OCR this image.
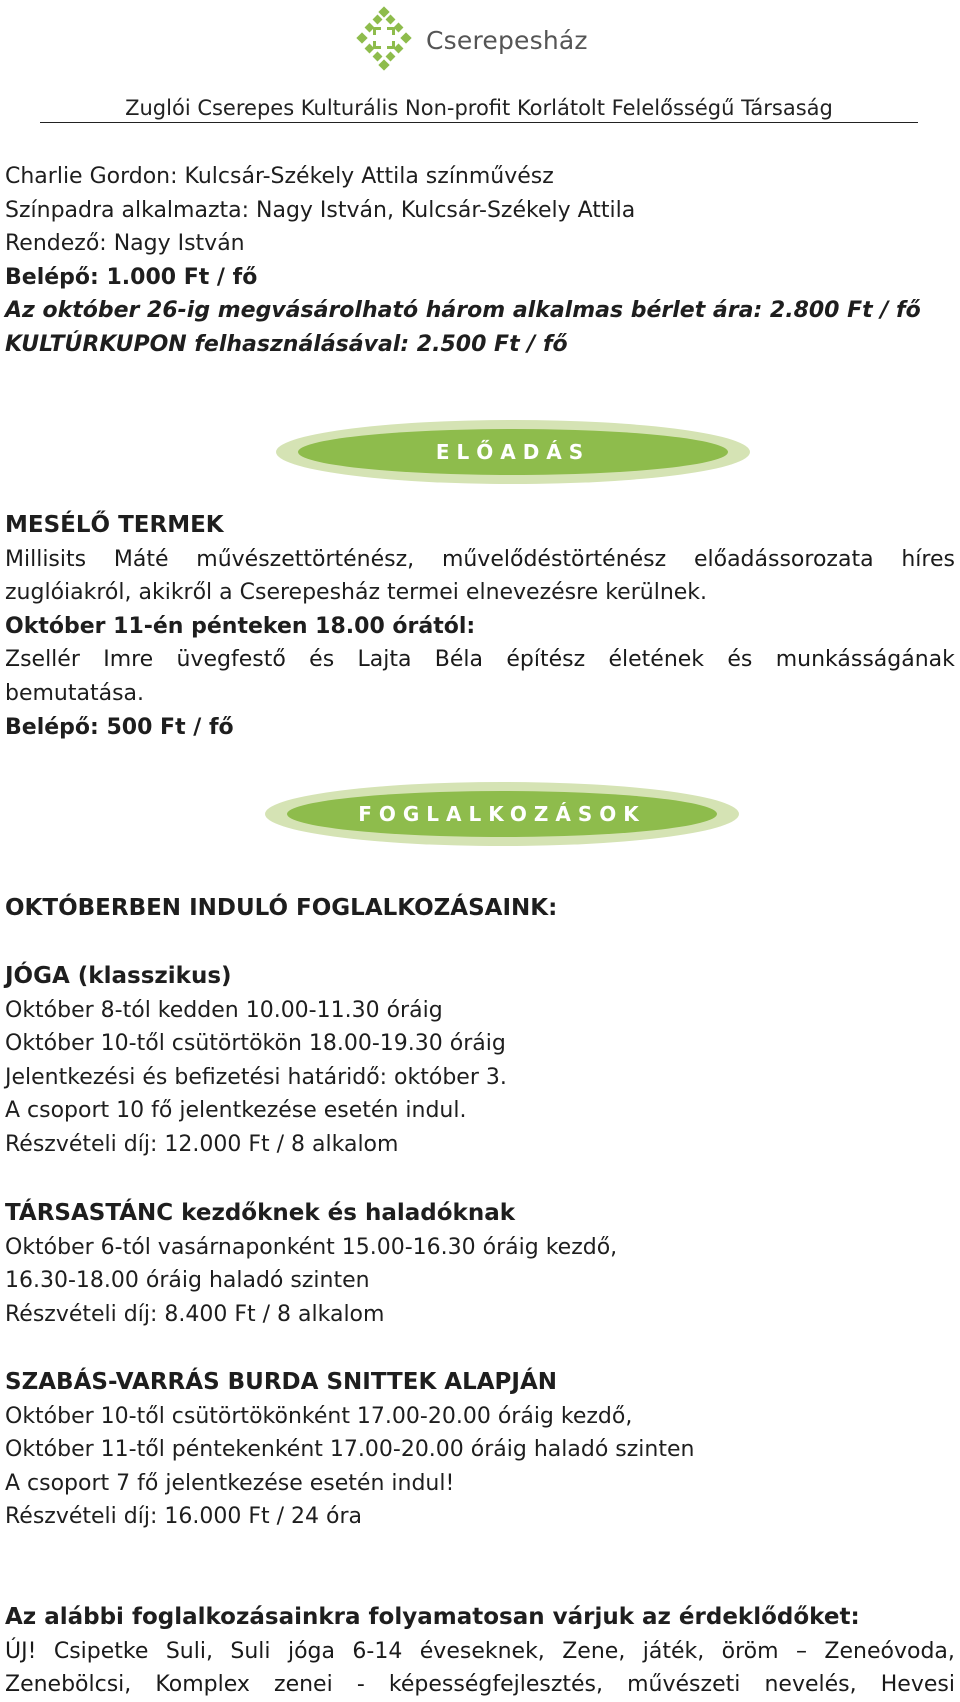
Cserepesház
Zuglói Cserepes Kulturális Non-profit Korlátolt Felelősségű Társaság
Charlie Gordon: Kulcsár-Székely Attila színművész
Színpadra alkalmazta: Nagy István, Kulcsár-Székely Attila
Rendező: Nagy István
Belépő: 1.000 Ft / fő
Az október 26-ig megvásárolható három alkalmas bérlet ára: 2.800 Ft / fő
KULTÚRKUPON felhasználásával: 2.500 Ft / fő
ELŐADÁS
MESÉLŐ TERMEK
Millisits Máté művészettörténész, művelődéstörténész előadássorozata híres
zuglóiakról, akikről a Cserepesház termei elnevezésre kerülnek.
Október 11-én pénteken 18.00 órától:
Zsellér Imre üvegfestő és Lajta Béla építész életének és munkásságának
bemutatása.
Belépő: 500 Ft / fő
FOGLALKOZÁSOK
OKTÓBERBEN INDULÓ FOGLALKOZÁSAINK:
JÓGA (klasszikus)
Október 8-tól kedden 10.00-11.30 óráig
Október 10-től csütörtökön 18.00-19.30 óráig
Jelentkezési és befizetési határidő: október 3.
A csoport 10 fő jelentkezése esetén indul.
Részvételi díj: 12.000 Ft / 8 alkalom
TÁRSASTÁNC kezdőknek és haladóknak
Október 6-tól vasárnaponként 15.00-16.30 óráig kezdő,
16.30-18.00 óráig haladó szinten
Részvételi díj: 8.400 Ft / 8 alkalom
SZABÁS-VARRÁS BURDA SNITTEK ALAPJÁN
Október 10-től csütörtökönként 17.00-20.00 óráig kezdő,
Október 11-től péntekenként 17.00-20.00 óráig haladó szinten
A csoport 7 fő jelentkezése esetén indul!
Részvételi díj: 16.000 Ft / 24 óra
Az alábbi foglalkozásainkra folyamatosan várjuk az érdeklődőket:
ÚJ! Csipetke Suli, Suli jóga 6-14 éveseknek, Zene, játék, öröm – Zeneóvoda,
Zenebölcsi, Komplex zenei - képességfejlesztés, művészeti nevelés, Hevesi
